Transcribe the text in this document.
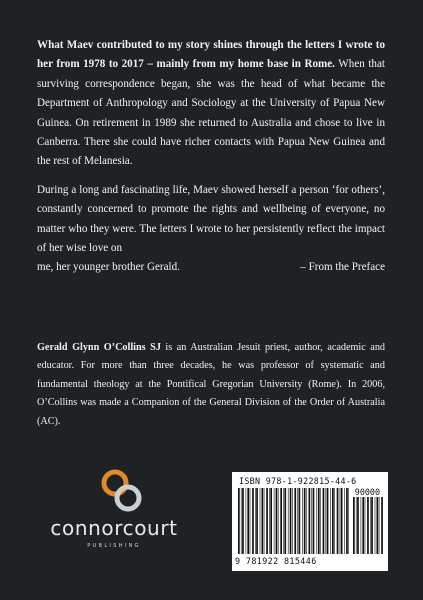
What Maev contributed to my story shines through the letters I wrote to her from 1978 to 2017 – mainly from my home base in Rome. When that surviving correspondence began, she was the head of what became the Department of Anthropology and Sociology at the University of Papua New Guinea. On retirement in 1989 she returned to Australia and chose to live in Canberra. There she could have richer contacts with Papua New Guinea and the rest of Melanesia.

During a long and fascinating life, Maev showed herself a person ‘for others’, constantly concerned to promote the rights and wellbeing of everyone, no matter who they were. The letters I wrote to her persistently reflect the impact of her wise love on
me, her younger brother Gerald.	– From the Preface

Gerald Glynn O’Collins SJ is an Australian Jesuit priest, author, academic and educator. For more than three decades, he was professor of systematic and fundamental theology at the Pontifical Gregorian University (Rome). In 2006, O’Collins was made a Companion of the General Division of the Order of Australia (AC).

connorcourt
PUBLISHING
ISBN 978-1-922815-44-6
90000
9 781922 815446
